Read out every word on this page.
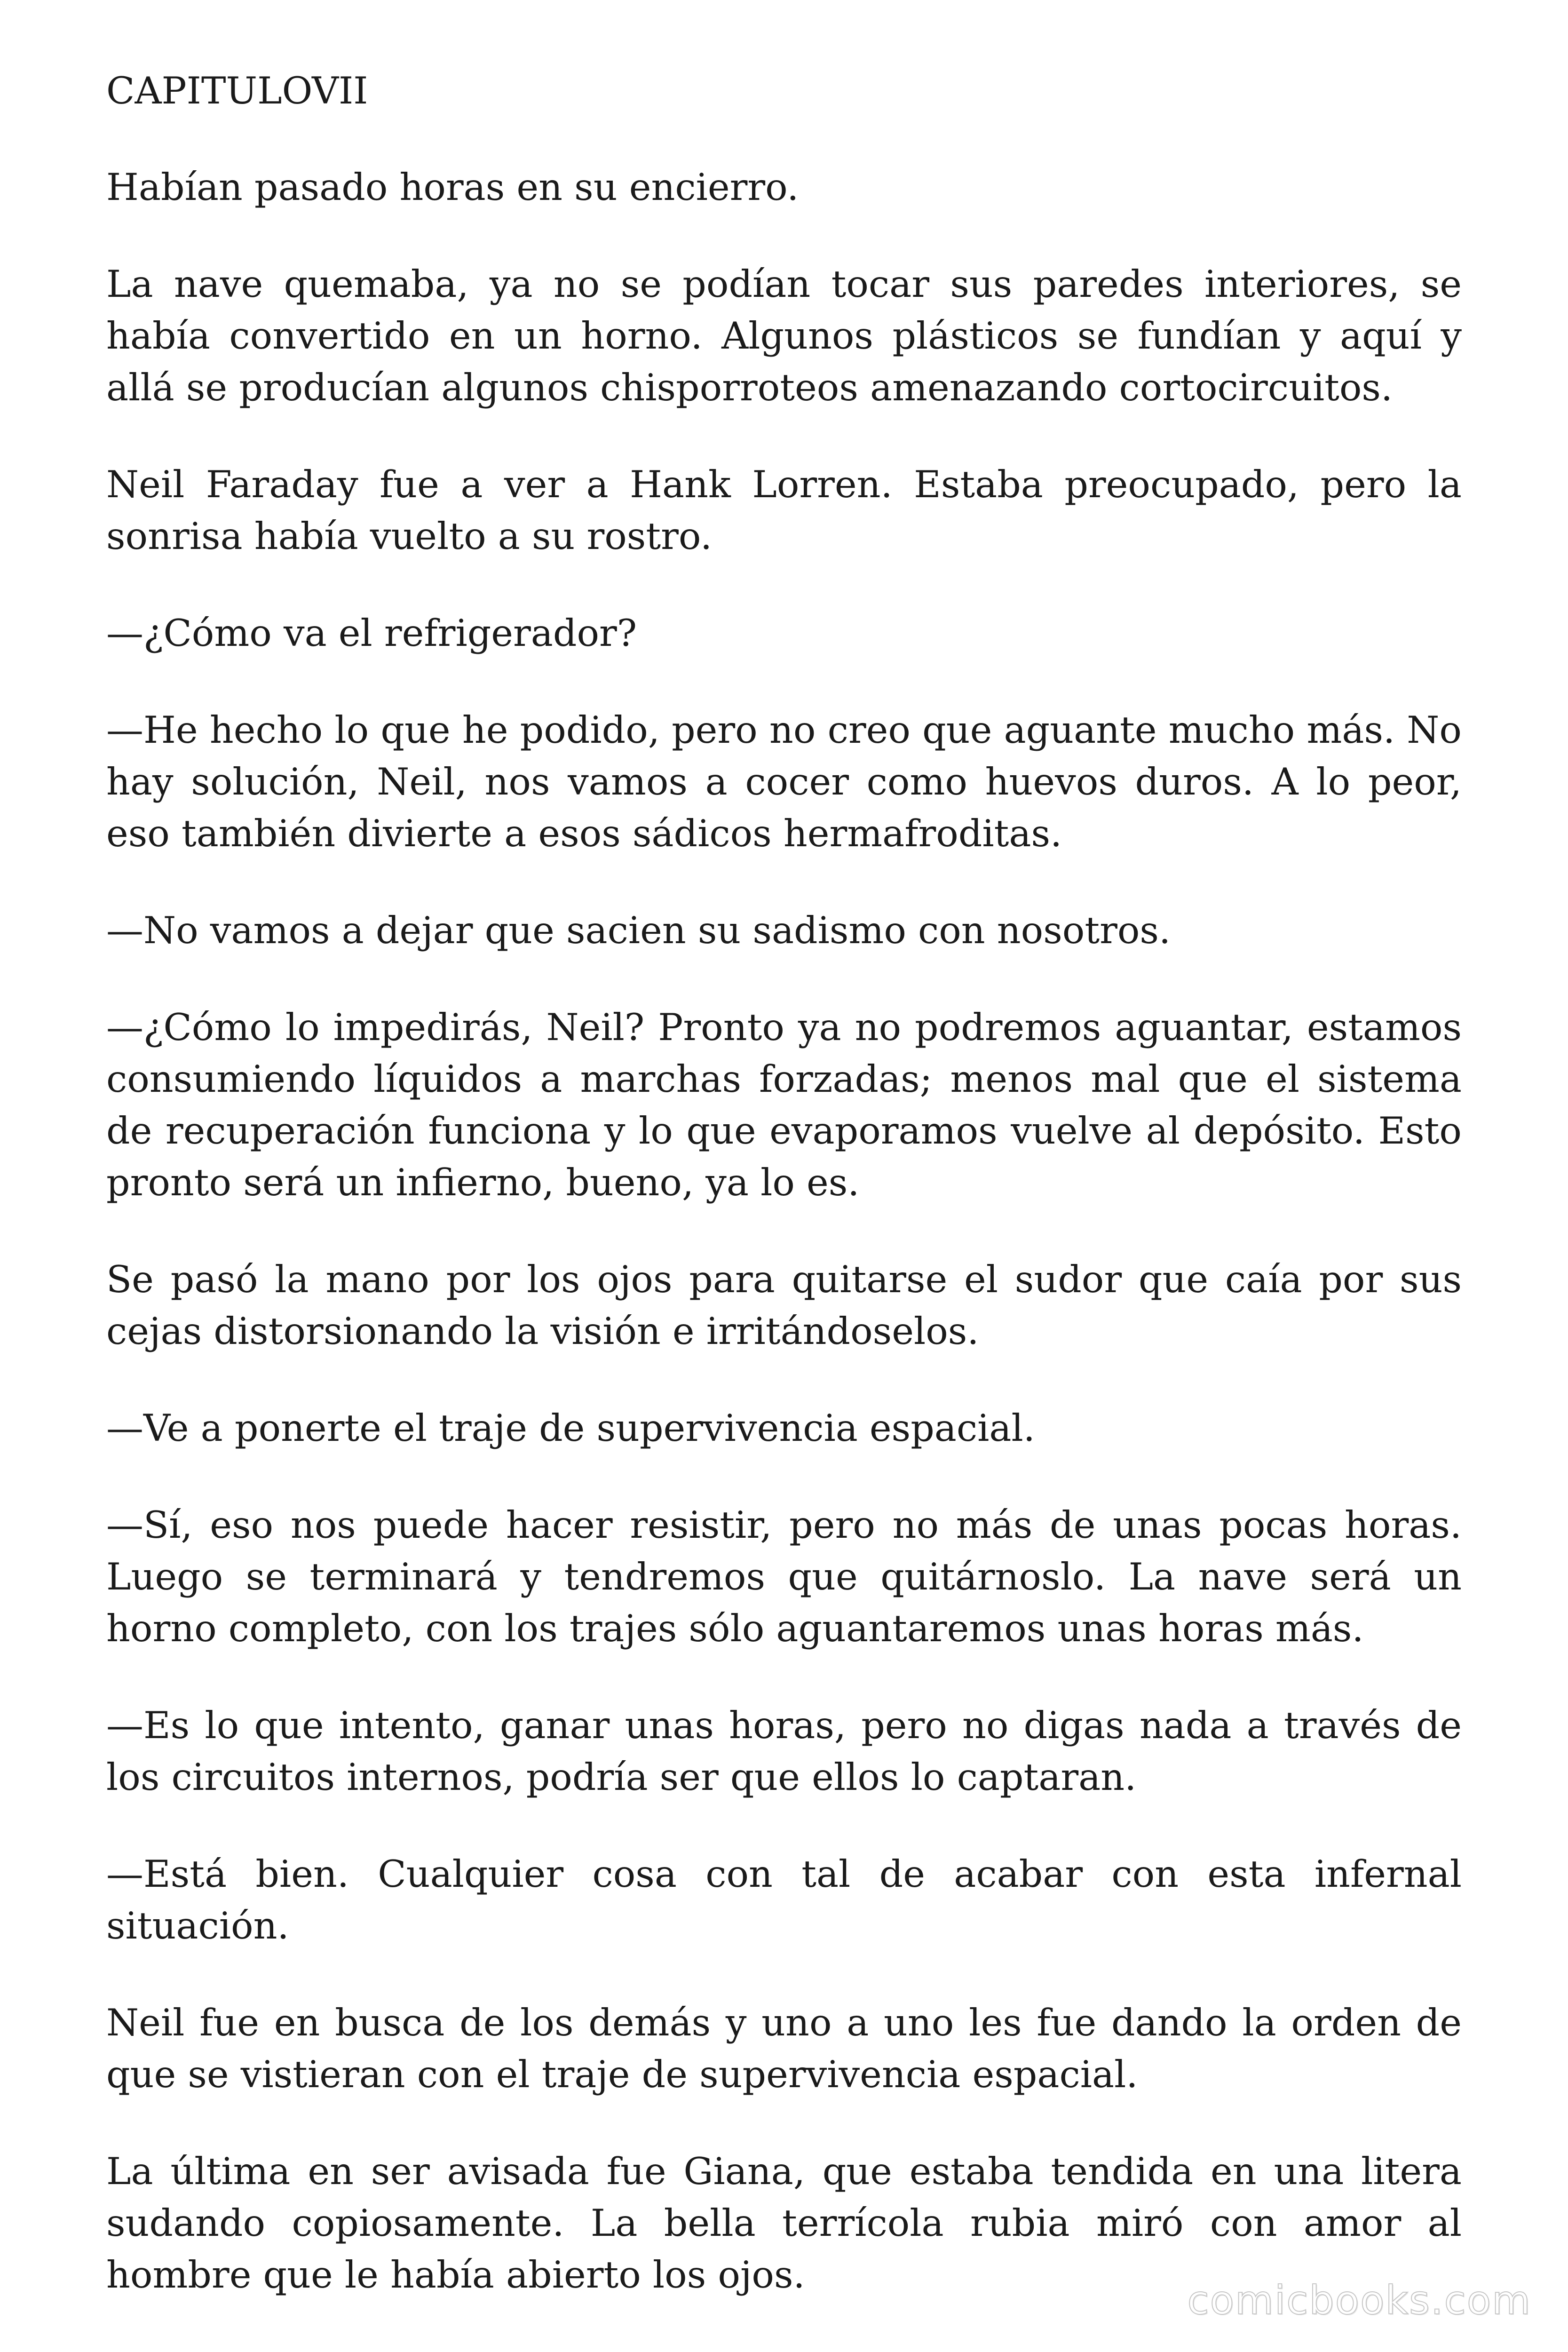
CAPITULOVII

Habían pasado horas en su encierro.

La nave quemaba, ya no se podían tocar sus paredes interiores, se había convertido en un horno. Algunos plásticos se fundían y aquí y allá se producían algunos chisporroteos amenazando cortocircuitos.

Neil Faraday fue a ver a Hank Lorren. Estaba preocupado, pero la sonrisa había vuelto a su rostro.

—¿Cómo va el refrigerador?

—He hecho lo que he podido, pero no creo que aguante mucho más. No hay solución, Neil, nos vamos a cocer como huevos duros. A lo peor, eso también divierte a esos sádicos hermafroditas.

—No vamos a dejar que sacien su sadismo con nosotros.

—¿Cómo lo impedirás, Neil? Pronto ya no podremos aguantar, estamos consumiendo líquidos a marchas forzadas; menos mal que el sistema de recuperación funciona y lo que evaporamos vuelve al depósito. Esto pronto será un infierno, bueno, ya lo es.

Se pasó la mano por los ojos para quitarse el sudor que caía por sus cejas distorsionando la visión e irritándoselos.

—Ve a ponerte el traje de supervivencia espacial.

—Sí, eso nos puede hacer resistir, pero no más de unas pocas horas. Luego se terminará y tendremos que quitárnoslo. La nave será un horno completo, con los trajes sólo aguantaremos unas horas más.

—Es lo que intento, ganar unas horas, pero no digas nada a través de los circuitos internos, podría ser que ellos lo captaran.

—Está bien. Cualquier cosa con tal de acabar con esta infernal situación.

Neil fue en busca de los demás y uno a uno les fue dando la orden de que se vistieran con el traje de supervivencia espacial.

La última en ser avisada fue Giana, que estaba tendida en una litera sudando copiosamente. La bella terrícola rubia miró con amor al hombre que le había abierto los ojos.

comicbooks.com
